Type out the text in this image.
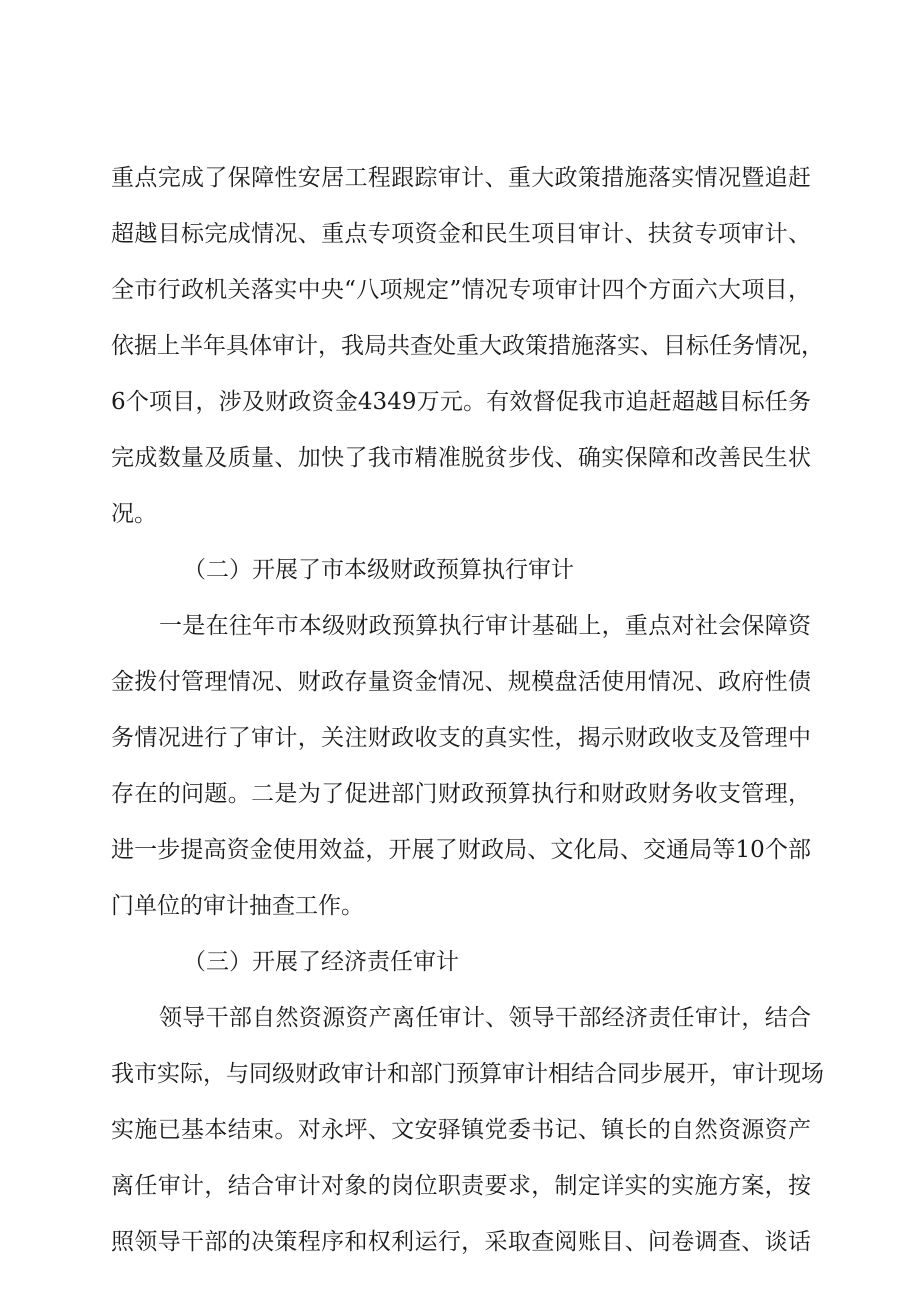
重点完成了保障性安居工程跟踪审计、重大政策措施落实情况暨追赶
超越目标完成情况、重点专项资金和民生项目审计、扶贫专项审计、
全市行政机关落实中央“八项规定”情况专项审计四个方面六大项目，
依据上半年具体审计，我局共查处重大政策措施落实、目标任务情况，
6个项目，涉及财政资金4349万元。有效督促我市追赶超越目标任务
完成数量及质量、加快了我市精准脱贫步伐、确实保障和改善民生状
况。
（二）开展了市本级财政预算执行审计
一是在往年市本级财政预算执行审计基础上，重点对社会保障资
金拨付管理情况、财政存量资金情况、规模盘活使用情况、政府性债
务情况进行了审计，关注财政收支的真实性，揭示财政收支及管理中
存在的问题。二是为了促进部门财政预算执行和财政财务收支管理，
进一步提高资金使用效益，开展了财政局、文化局、交通局等10个部
门单位的审计抽查工作。
（三）开展了经济责任审计
领导干部自然资源资产离任审计、领导干部经济责任审计，结合
我市实际，与同级财政审计和部门预算审计相结合同步展开，审计现场
实施已基本结束。对永坪、文安驿镇党委书记、镇长的自然资源资产
离任审计，结合审计对象的岗位职责要求，制定详实的实施方案，按
照领导干部的决策程序和权利运行，采取查阅账目、问卷调查、谈话
